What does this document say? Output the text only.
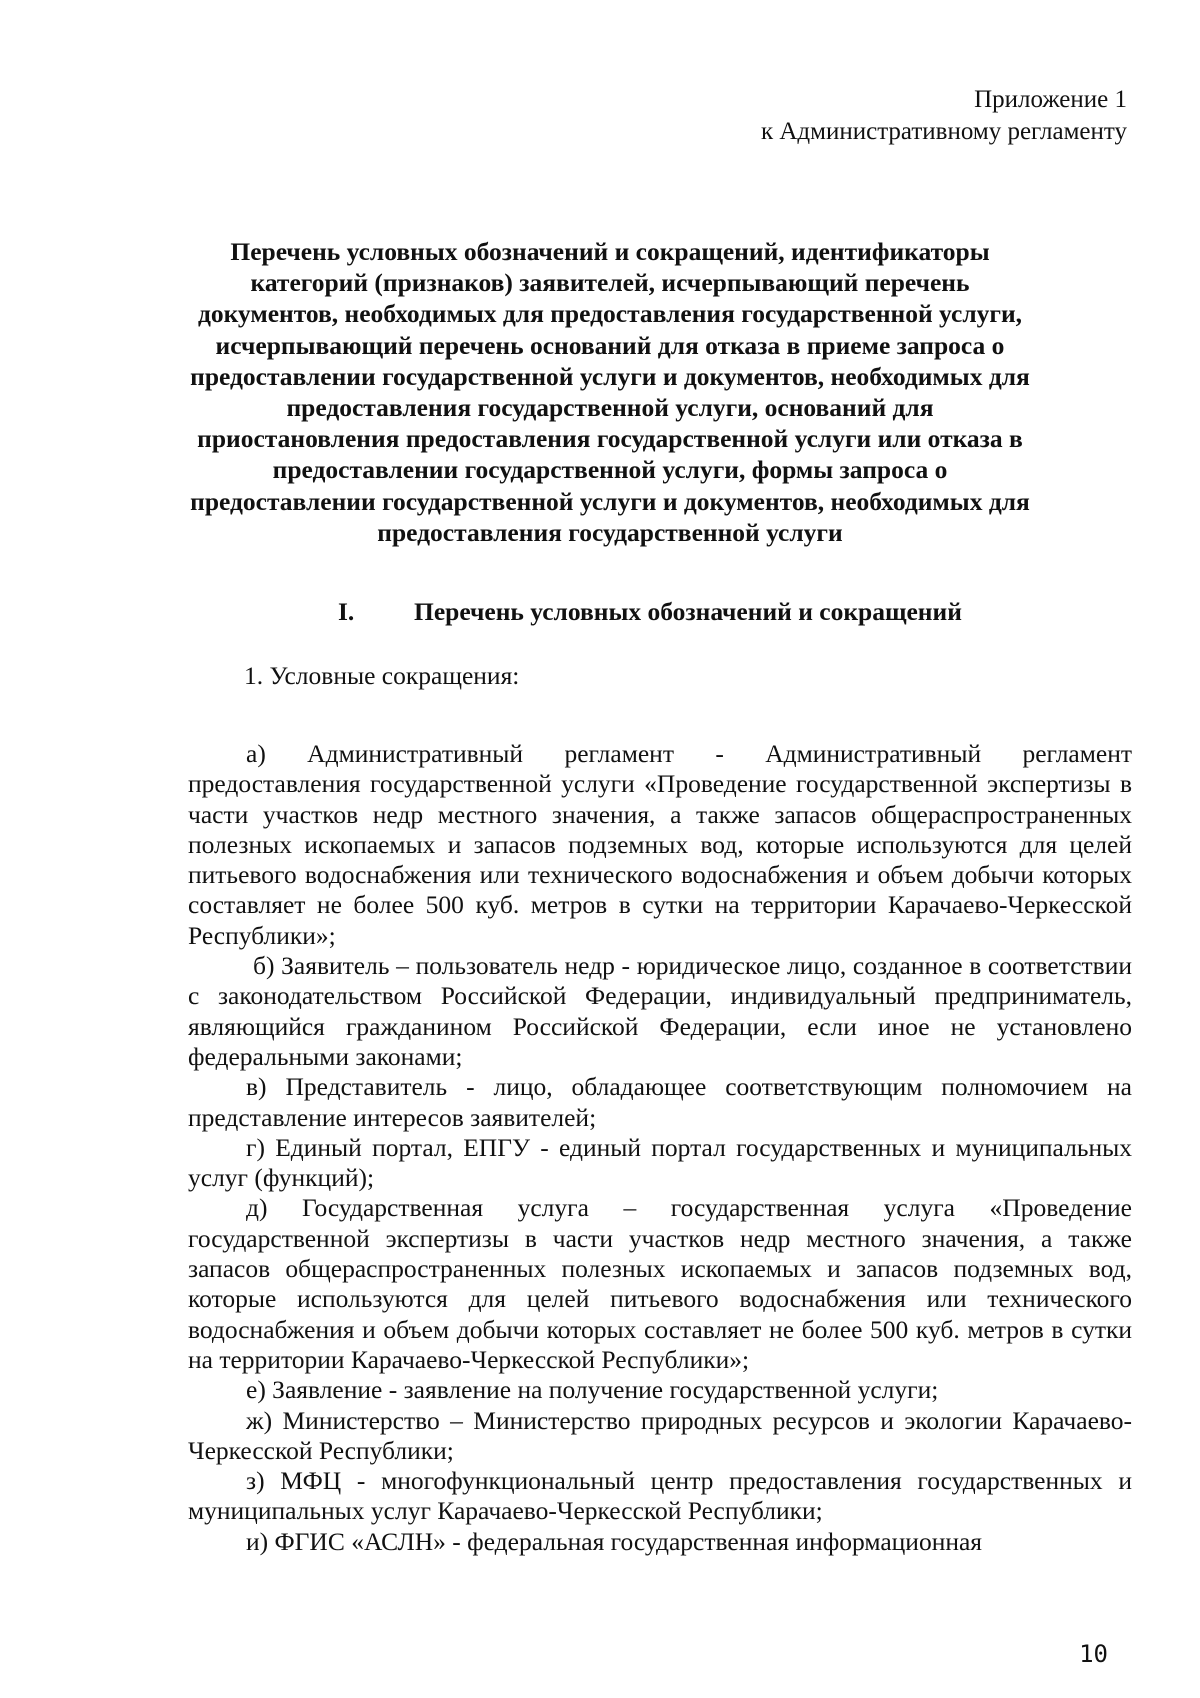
Приложение 1
к Административному регламенту
Перечень условных обозначений и сокращений, идентификаторы
категорий (признаков) заявителей, исчерпывающий перечень
документов, необходимых для предоставления государственной услуги,
исчерпывающий перечень оснований для отказа в приеме запроса о
предоставлении государственной услуги и документов, необходимых для
предоставления государственной услуги, оснований для
приостановления предоставления государственной услуги или отказа в
предоставлении государственной услуги, формы запроса о
предоставлении государственной услуги и документов, необходимых для
предоставления государственной услуги
I. Перечень условных обозначений и сокращений
1. Условные сокращения:

а) Административный регламент - Административный регламент предоставления государственной услуги «Проведение государственной экспертизы в части участков недр местного значения, а также запасов общераспространенных полезных ископаемых и запасов подземных вод, которые используются для целей питьевого водоснабжения или технического водоснабжения и объем добычи которых составляет не более 500 куб. метров в сутки на территории Карачаево-Черкесской Республики»;

б) Заявитель – пользователь недр - юридическое лицо, созданное в соответствии с законодательством Российской Федерации, индивидуальный предприниматель, являющийся гражданином Российской Федерации, если иное не установлено федеральными законами;

в) Представитель - лицо, обладающее соответствующим полномочием на представление интересов заявителей;

г) Единый портал, ЕПГУ - единый портал государственных и муниципальных услуг (функций);

д) Государственная услуга – государственная услуга «Проведение государственной экспертизы в части участков недр местного значения, а также запасов общераспространенных полезных ископаемых и запасов подземных вод, которые используются для целей питьевого водоснабжения или технического водоснабжения и объем добычи которых составляет не более 500 куб. метров в сутки на территории Карачаево-Черкесской Республики»;

е) Заявление - заявление на получение государственной услуги;

ж) Министерство – Министерство природных ресурсов и экологии Карачаево-Черкесской Республики;

з) МФЦ - многофункциональный центр предоставления государственных и муниципальных услуг Карачаево-Черкесской Республики;

и) ФГИС «АСЛН» - федеральная государственная информационная

10
